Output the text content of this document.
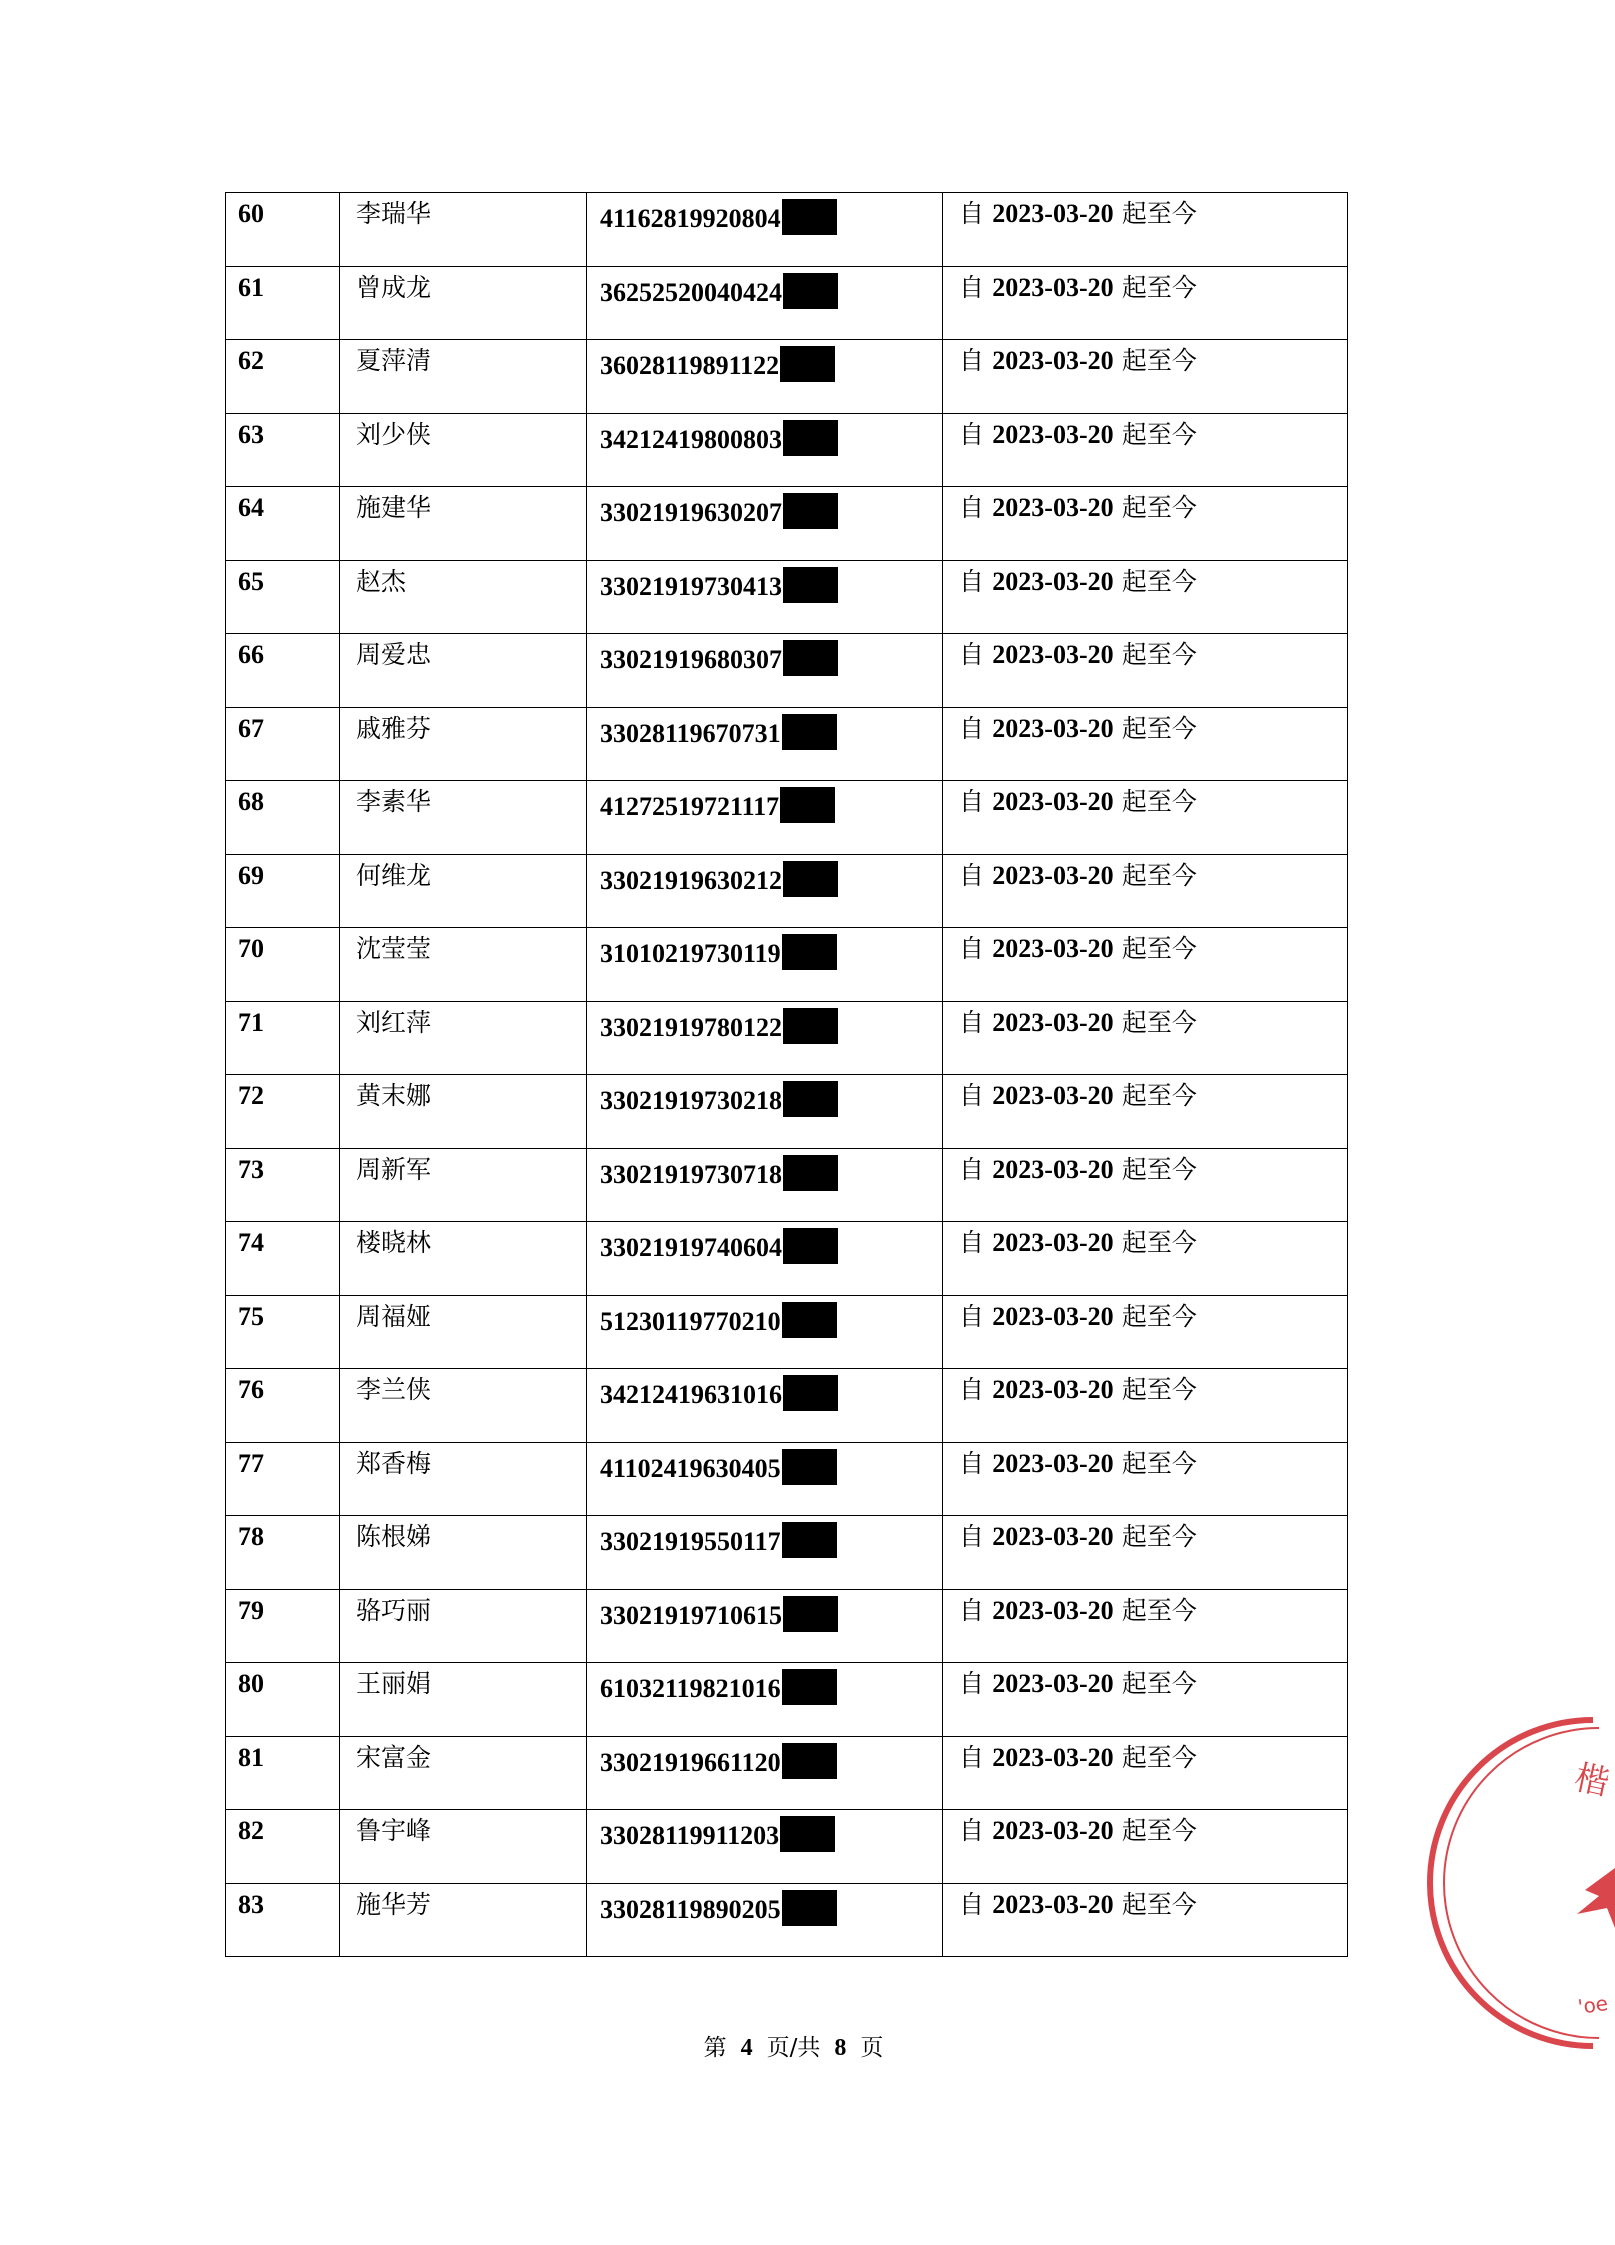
60	李瑞华	41162819920804	自 2023-03-20 起至今

61	曾成龙	36252520040424	自 2023-03-20 起至今

62	夏萍清	36028119891122	自 2023-03-20 起至今

63	刘少侠	34212419800803	自 2023-03-20 起至今

64	施建华	33021919630207	自 2023-03-20 起至今

65	赵杰	33021919730413	自 2023-03-20 起至今

66	周爱忠	33021919680307	自 2023-03-20 起至今

67	戚雅芬	33028119670731	自 2023-03-20 起至今

68	李素华	41272519721117	自 2023-03-20 起至今

69	何维龙	33021919630212	自 2023-03-20 起至今

70	沈莹莹	31010219730119	自 2023-03-20 起至今

71	刘红萍	33021919780122	自 2023-03-20 起至今

72	黄末娜	33021919730218	自 2023-03-20 起至今

73	周新军	33021919730718	自 2023-03-20 起至今

74	楼晓林	33021919740604	自 2023-03-20 起至今

75	周福娅	51230119770210	自 2023-03-20 起至今

76	李兰侠	34212419631016	自 2023-03-20 起至今

77	郑香梅	41102419630405	自 2023-03-20 起至今

78	陈根娣	33021919550117	自 2023-03-20 起至今

79	骆巧丽	33021919710615	自 2023-03-20 起至今

80	王丽娟	61032119821016	自 2023-03-20 起至今

81	宋富金	33021919661120	自 2023-03-20 起至今

82	鲁宇峰	33028119911203	自 2023-03-20 起至今

83	施华芳	33028119890205	自 2023-03-20 起至今
第 4 页/共 8 页
楷
'oe
